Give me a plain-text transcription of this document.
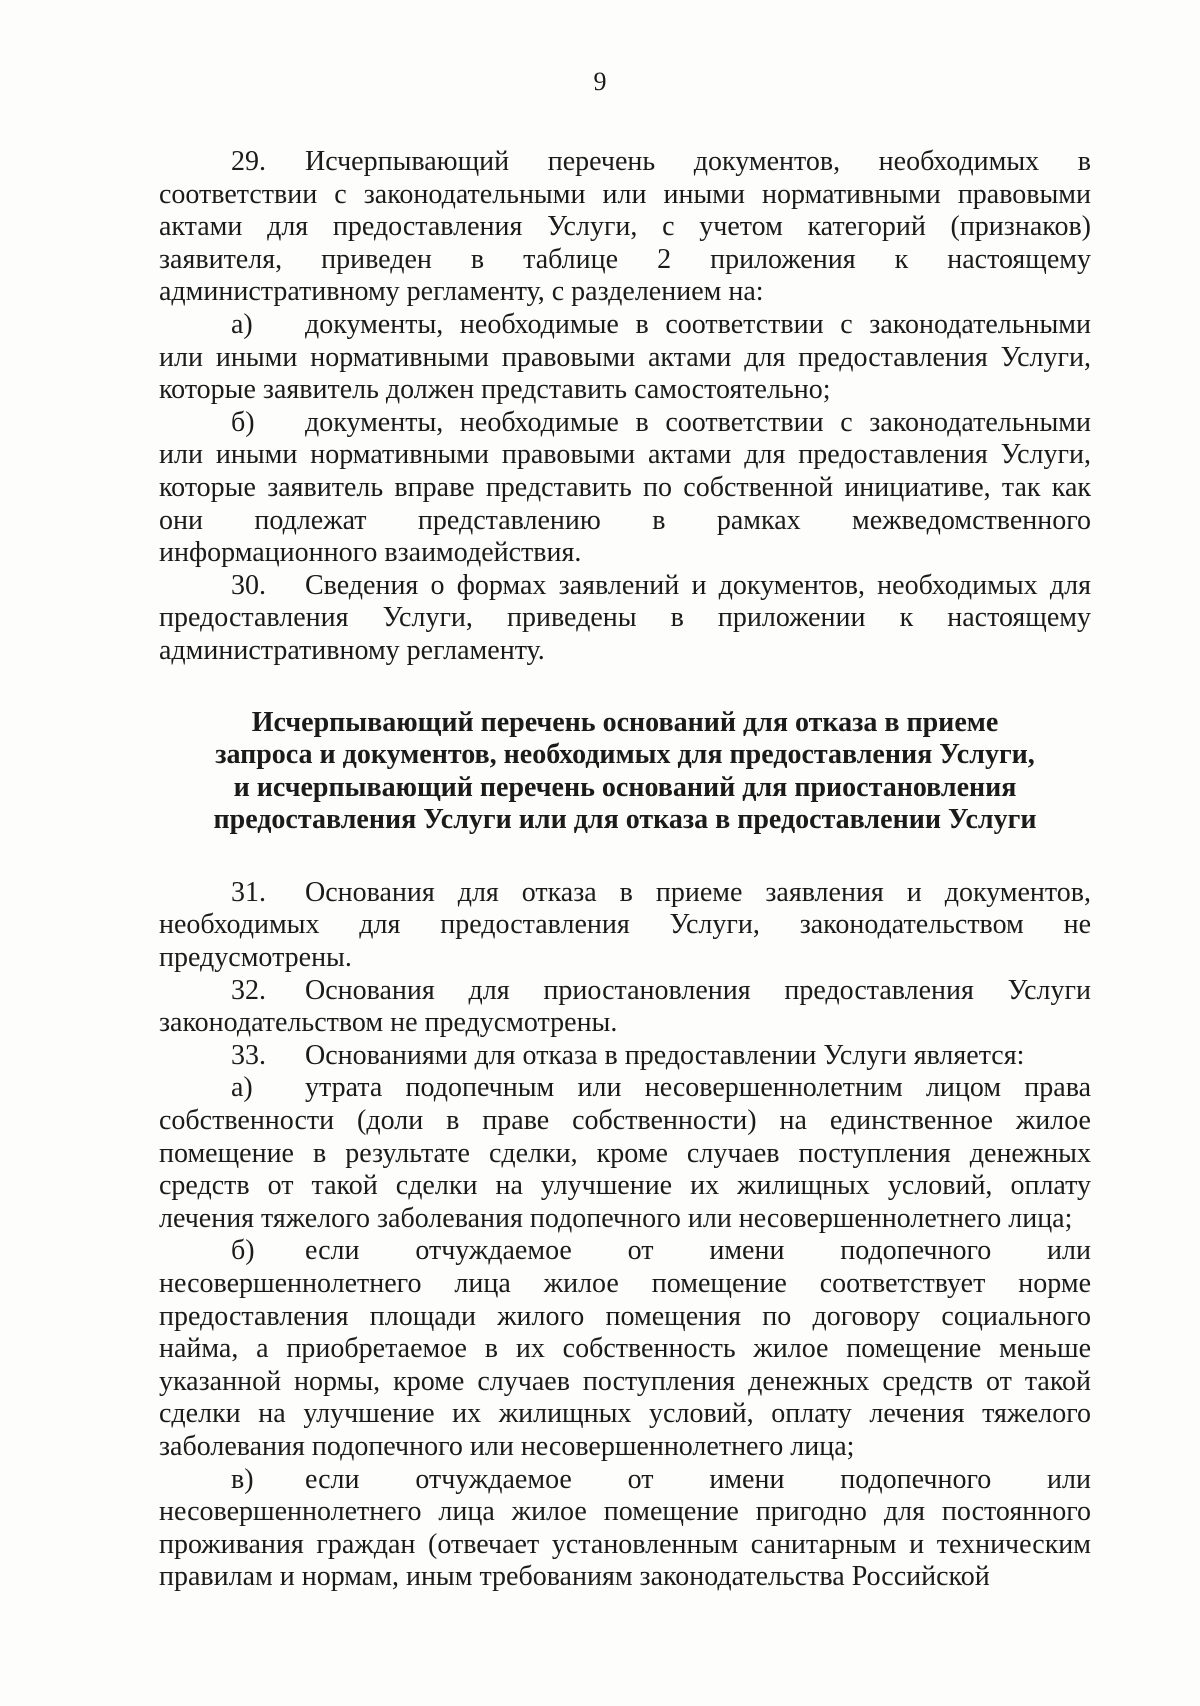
9

29. Исчерпывающий перечень документов, необходимых в соответствии с законодательными или иными нормативными правовыми актами для предоставления Услуги, с учетом категорий (признаков) заявителя, приведен в таблице 2 приложения к настоящему административному регламенту, с разделением на:

а) документы, необходимые в соответствии с законодательными или иными нормативными правовыми актами для предоставления Услуги, которые заявитель должен представить самостоятельно;

б) документы, необходимые в соответствии с законодательными или иными нормативными правовыми актами для предоставления Услуги, которые заявитель вправе представить по собственной инициативе, так как они подлежат представлению в рамках межведомственного информационного взаимодействия.

30. Сведения о формах заявлений и документов, необходимых для предоставления Услуги, приведены в приложении к настоящему административному регламенту.

Исчерпывающий перечень оснований для отказа в приеме
запроса и документов, необходимых для предоставления Услуги,
и исчерпывающий перечень оснований для приостановления
предоставления Услуги или для отказа в предоставлении Услуги

31. Основания для отказа в приеме заявления и документов, необходимых для предоставления Услуги, законодательством не предусмотрены.

32. Основания для приостановления предоставления Услуги законодательством не предусмотрены.

33. Основаниями для отказа в предоставлении Услуги является:

а) утрата подопечным или несовершеннолетним лицом права собственности (доли в праве собственности) на единственное жилое помещение в результате сделки, кроме случаев поступления денежных средств от такой сделки на улучшение их жилищных условий, оплату лечения тяжелого заболевания подопечного или несовершеннолетнего лица;

б) если отчуждаемое от имени подопечного или несовершеннолетнего лица жилое помещение соответствует норме предоставления площади жилого помещения по договору социального найма, а приобретаемое в их собственность жилое помещение меньше указанной нормы, кроме случаев поступления денежных средств от такой сделки на улучшение их жилищных условий, оплату лечения тяжелого заболевания подопечного или несовершеннолетнего лица;

в) если отчуждаемое от имени подопечного или несовершеннолетнего лица жилое помещение пригодно для постоянного проживания граждан (отвечает установленным санитарным и техническим правилам и нормам, иным требованиям законодательства Российской
